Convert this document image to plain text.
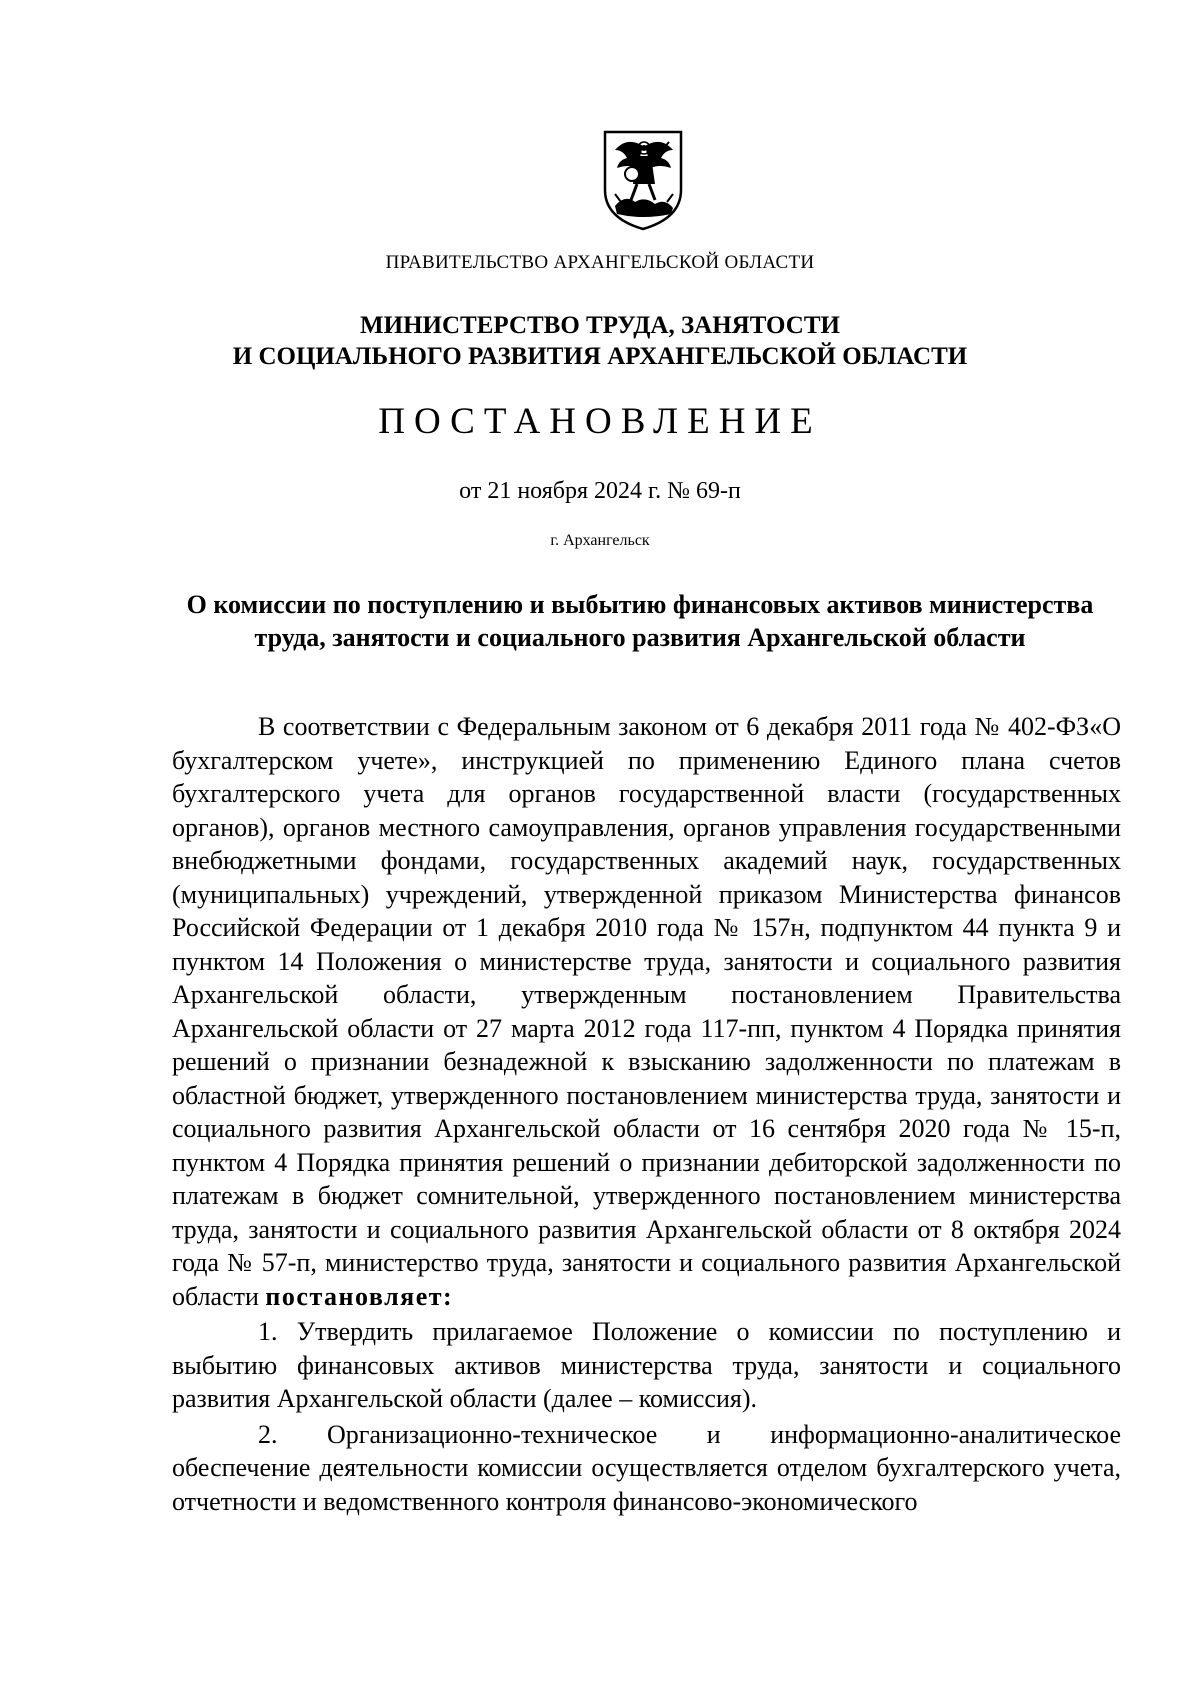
ПРАВИТЕЛЬСТВО АРХАНГЕЛЬСКОЙ ОБЛАСТИ
МИНИСТЕРСТВО ТРУДА, ЗАНЯТОСТИ
И СОЦИАЛЬНОГО РАЗВИТИЯ АРХАНГЕЛЬСКОЙ ОБЛАСТИ
ПОСТАНОВЛЕНИЕ
от 21 ноября 2024 г. № 69-п
г. Архангельск
О комиссии по поступлению и выбытию финансовых активов министерства труда, занятости и социального развития Архангельской области

В соответствии с Федеральным законом от 6 декабря 2011 года № 402-ФЗ«О бухгалтерском учете», инструкцией по применению Единого плана счетов бухгалтерского учета для органов государственной власти (государственных органов), органов местного самоуправления, органов управления государственными внебюджетными фондами, государственных академий наук, государственных (муниципальных) учреждений, утвержденной приказом Министерства финансов Российской Федерации от 1 декабря 2010 года № 157н, подпунктом 44 пункта 9 и пунктом 14 Положения о министерстве труда, занятости и социального развития Архангельской области, утвержденным постановлением Правительства Архангельской области от 27 марта 2012 года 117-пп, пунктом 4 Порядка принятия решений о признании безнадежной к взысканию задолженности по платежам в областной бюджет, утвержденного постановлением министерства труда, занятости и социального развития Архангельской области от 16 сентября 2020 года № 15-п, пунктом 4 Порядка принятия решений о признании дебиторской задолженности по платежам в бюджет сомнительной, утвержденного постановлением министерства труда, занятости и социального развития Архангельской области от 8 октября 2024 года № 57-п, министерство труда, занятости и социального развития Архангельской области постановляет:

1. Утвердить прилагаемое Положение о комиссии по поступлению и выбытию финансовых активов министерства труда, занятости и социального развития Архангельской области (далее – комиссия).

2. Организационно-техническое и информационно-аналитическое обеспечение деятельности комиссии осуществляется отделом бухгалтерского учета, отчетности и ведомственного контроля финансово-экономического
